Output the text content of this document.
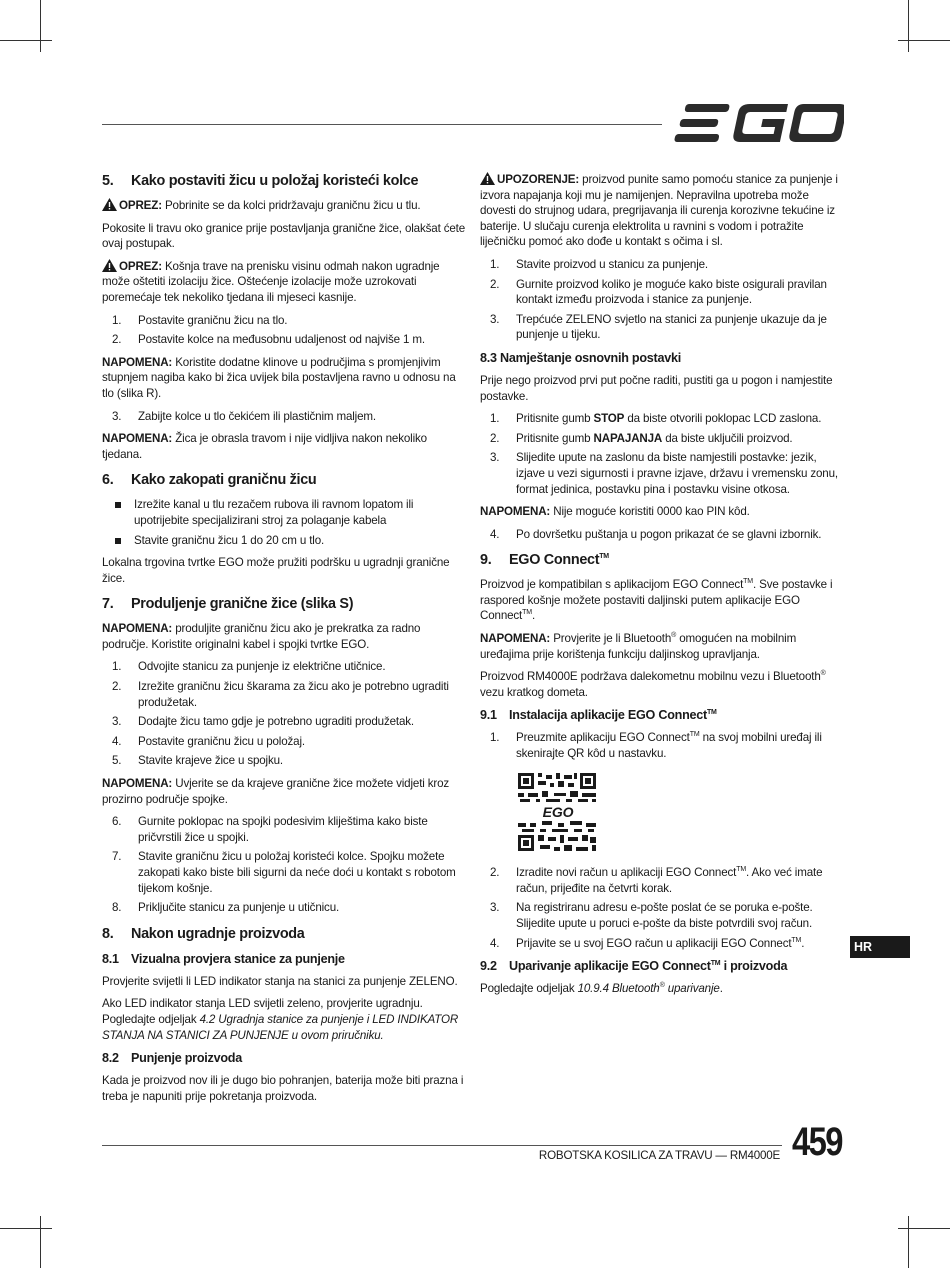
5. Kako postaviti žicu u položaj koristeći kolce

OPREZ: Pobrinite se da kolci pridržavaju graničnu žicu u tlu.

Pokosite li travu oko granice prije postavljanja granične žice, olakšat ćete ovaj postupak.

OPREZ: Košnja trave na prenisku visinu odmah nakon ugradnje može oštetiti izolaciju žice. Oštećenje izolacije može uzrokovati poremećaje tek nekoliko tjedana ili mjeseci kasnije.

1. Postavite graničnu žicu na tlo.
2. Postavite kolce na međusobnu udaljenost od najviše 1 m.

NAPOMENA: Koristite dodatne klinove u područjima s promjenjivim stupnjem nagiba kako bi žica uvijek bila postavljena ravno u odnosu na tlo (slika R).

3. Zabijte kolce u tlo čekićem ili plastičnim maljem.

NAPOMENA: Žica je obrasla travom i nije vidljiva nakon nekoliko tjedana.

6. Kako zakopati graničnu žicu
Izrežite kanal u tlu rezačem rubova ili ravnom lopatom ili upotrijebite specijalizirani stroj za polaganje kabela
Stavite graničnu žicu 1 do 20 cm u tlo.

Lokalna trgovina tvrtke EGO može pružiti podršku u ugradnji granične žice.

7. Produljenje granične žice (slika S)

NAPOMENA: produljite graničnu žicu ako je prekratka za radno područje. Koristite originalni kabel i spojki tvrtke EGO.

1. Odvojite stanicu za punjenje iz električne utičnice.
2. Izrežite graničnu žicu škarama za žicu ako je potrebno ugraditi produžetak.
3. Dodajte žicu tamo gdje je potrebno ugraditi produžetak.
4. Postavite graničnu žicu u položaj.
5. Stavite krajeve žice u spojku.

NAPOMENA: Uvjerite se da krajeve granične žice možete vidjeti kroz prozirno područje spojke.

6. Gurnite poklopac na spojki podesivim kliještima kako biste pričvrstili žice u spojki.
7. Stavite graničnu žicu u položaj koristeći kolce. Spojku možete zakopati kako biste bili sigurni da neće doći u kontakt s robotom tijekom košnje.
8. Priključite stanicu za punjenje u utičnicu.
8. Nakon ugradnje proizvoda
8.1 Vizualna provjera stanice za punjenje

Provjerite svijetli li LED indikator stanja na stanici za punjenje ZELENO.

Ako LED indikator stanja LED svijetli zeleno, provjerite ugradnju. Pogledajte odjeljak 4.2 Ugradnja stanice za punjenje i LED INDIKATOR STANJA NA STANICI ZA PUNJENJE u ovom priručniku.

8.2 Punjenje proizvoda

Kada je proizvod nov ili je dugo bio pohranjen, baterija može biti prazna i treba je napuniti prije pokretanja proizvoda.

UPOZORENJE: proizvod punite samo pomoću stanice za punjenje i izvora napajanja koji mu je namijenjen. Nepravilna upotreba može dovesti do strujnog udara, pregrijavanja ili curenja korozivne tekućine iz baterije. U slučaju curenja elektrolita u ravnini s vodom i potražite liječničku pomoć ako dođe u kontakt s očima i sl.

1. Stavite proizvod u stanicu za punjenje.
2. Gurnite proizvod koliko je moguće kako biste osigurali pravilan kontakt između proizvoda i stanice za punjenje.
3. Trepćuće ZELENO svjetlo na stanici za punjenje ukazuje da je punjenje u tijeku.
8.3 Namještanje osnovnih postavki

Prije nego proizvod prvi put počne raditi, pustiti ga u pogon i namjestite postavke.

1. Pritisnite gumb STOP da biste otvorili poklopac LCD zaslona.
2. Pritisnite gumb NAPAJANJA da biste uključili proizvod.
3. Slijedite upute na zaslonu da biste namjestili postavke: jezik, izjave u vezi sigurnosti i pravne izjave, državu i vremensku zonu, format jedinica, postavku pina i postavku visine otkosa.

NAPOMENA: Nije moguće koristiti 0000 kao PIN kôd.

4. Po dovršetku puštanja u pogon prikazat će se glavni izbornik.
9. EGO Connect™

Proizvod je kompatibilan s aplikacijom EGO Connect™. Sve postavke i raspored košnje možete postaviti daljinski putem aplikacije EGO Connect™.

NAPOMENA: Provjerite je li Bluetooth® omogućen na mobilnim uređajima prije korištenja funkciju daljinskog upravljanja.

Proizvod RM4000E podržava dalekometnu mobilnu vezu i Bluetooth® vezu kratkog dometa.

9.1 Instalacija aplikacije EGO Connect™
1. Preuzmite aplikaciju EGO Connect™ na svoj mobilni uređaj ili skenirajte QR kôd u nastavku.
EGO
2. Izradite novi račun u aplikaciji EGO Connect™. Ako već imate račun, prijeđite na četvrti korak.
3. Na registriranu adresu e-pošte poslat će se poruka e-pošte. Slijedite upute u poruci e-pošte da biste potvrdili svoj račun.
4. Prijavite se u svoj EGO račun u aplikaciji EGO Connect™.
9.2 Uparivanje aplikacije EGO Connect™ i proizvoda

Pogledajte odjeljak 10.9.4 Bluetooth® uparivanje.

HR
ROBOTSKA KOSILICA ZA TRAVU — RM4000E 459
